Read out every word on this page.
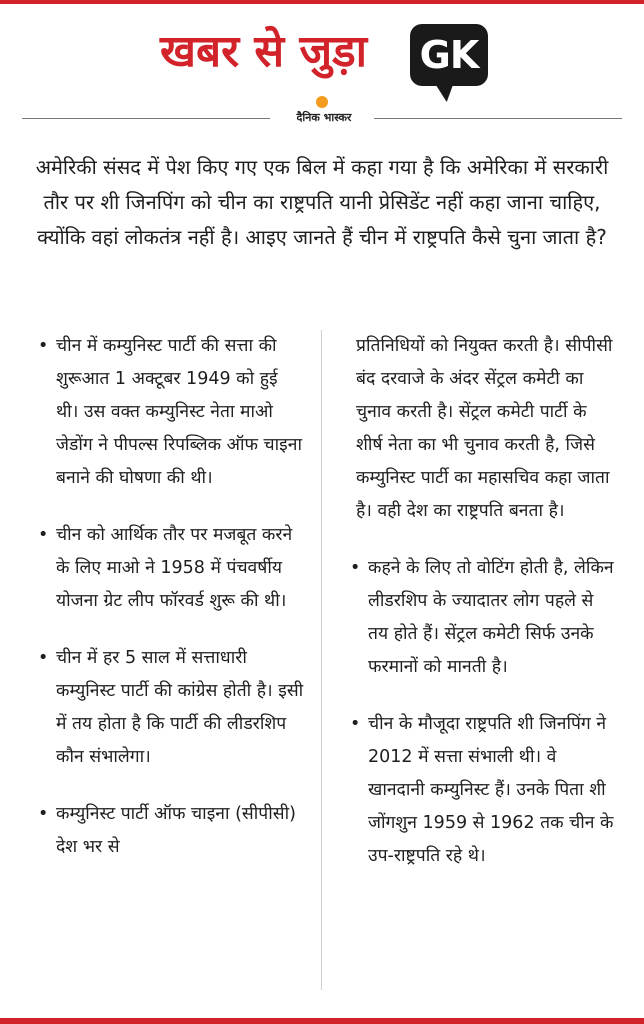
खबर से जुड़ा GK
दैनिक भास्कर
अमेरिकी संसद में पेश किए गए एक बिल में कहा गया है कि अमेरिका में सरकारी तौर पर शी जिनपिंग को चीन का राष्ट्रपति यानी प्रेसिडेंट नहीं कहा जाना चाहिए, क्योंकि वहां लोकतंत्र नहीं है। आइए जानते हैं चीन में राष्ट्रपति कैसे चुना जाता है?
• चीन में कम्युनिस्ट पार्टी की सत्ता की शुरूआत 1 अक्टूबर 1949 को हुई थी। उस वक्त कम्युनिस्ट नेता माओ जेडोंग ने पीपल्स रिपब्लिक ऑफ चाइना बनाने की घोषणा की थी।
• चीन को आर्थिक तौर पर मजबूत करने के लिए माओ ने 1958 में पंचवर्षीय योजना ग्रेट लीप फॉरवर्ड शुरू की थी।
• चीन में हर 5 साल में सत्ताधारी कम्युनिस्ट पार्टी की कांग्रेस होती है। इसी में तय होता है कि पार्टी की लीडरशिप कौन संभालेगा।
• कम्युनिस्ट पार्टी ऑफ चाइना (सीपीसी) देश भर से
प्रतिनिधियों को नियुक्त करती है। सीपीसी बंद दरवाजे के अंदर सेंट्रल कमेटी का चुनाव करती है। सेंट्रल कमेटी पार्टी के शीर्ष नेता का भी चुनाव करती है, जिसे कम्युनिस्ट पार्टी का महासचिव कहा जाता है। वही देश का राष्ट्रपति बनता है।
• कहने के लिए तो वोटिंग होती है, लेकिन लीडरशिप के ज्यादातर लोग पहले से तय होते हैं। सेंट्रल कमेटी सिर्फ उनके फरमानों को मानती है।
• चीन के मौजूदा राष्ट्रपति शी जिनपिंग ने 2012 में सत्ता संभाली थी। वे खानदानी कम्युनिस्ट हैं। उनके पिता शी जोंगशुन 1959 से 1962 तक चीन के उप-राष्ट्रपति रहे थे।
